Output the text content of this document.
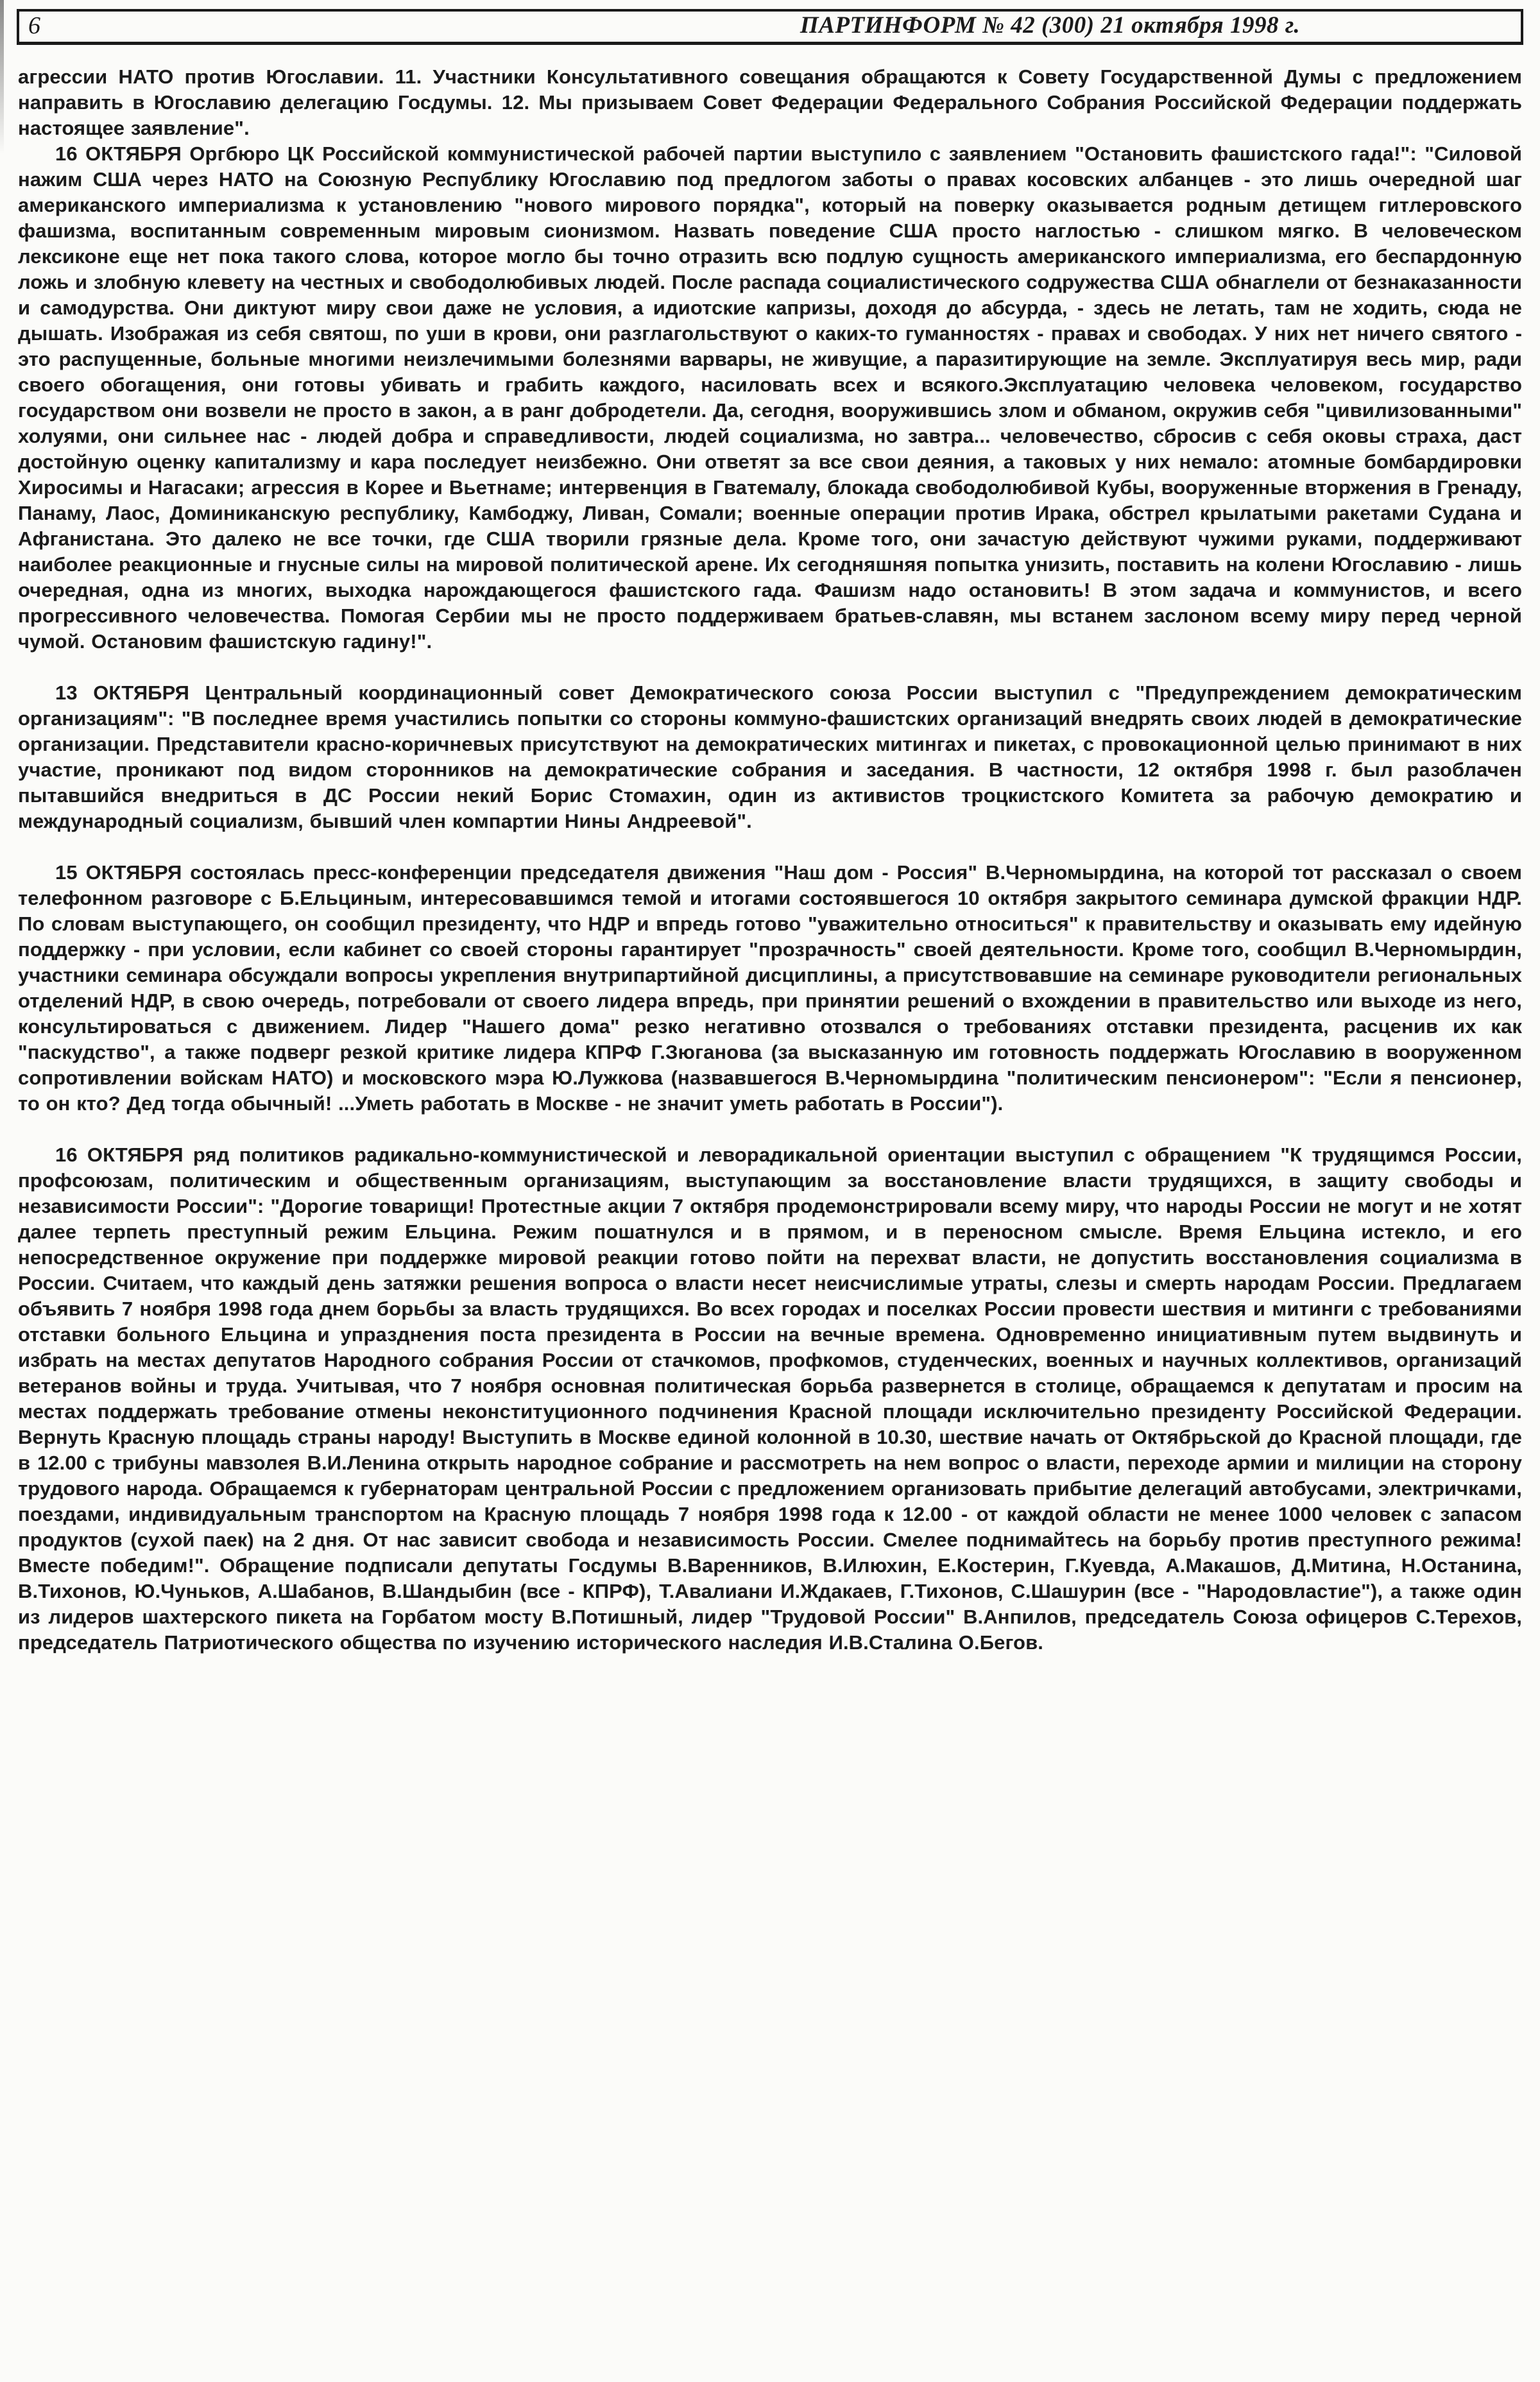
6	ПАРТИНФОРМ № 42 (300) 21 октября 1998 г.

агрессии НАТО против Югославии. 11. Участники Консультативного совещания обращаются к Совету Государственной Думы с предложением направить в Югославию делегацию Госдумы. 12. Мы призываем Совет Федерации Федерального Собрания Российской Федерации поддержать настоящее заявление".

16 ОКТЯБРЯ Оргбюро ЦК Российской коммунистической рабочей партии выступило с заявлением "Остановить фашистского гада!": "Силовой нажим США через НАТО на Союзную Республику Югославию под предлогом заботы о правах косовских албанцев - это лишь очередной шаг американского империализма к установлению "нового мирового порядка", который на поверку оказывается родным детищем гитлеровского фашизма, воспитанным современным мировым сионизмом. Назвать поведение США просто наглостью - слишком мягко. В человеческом лексиконе еще нет пока такого слова, которое могло бы точно отразить всю подлую сущность американского империализма, его беспардонную ложь и злобную клевету на честных и свободолюбивых людей. После распада социалистического содружества США обнаглели от безнаказанности и самодурства. Они диктуют миру свои даже не условия, а идиотские капризы, доходя до абсурда, - здесь не летать, там не ходить, сюда не дышать. Изображая из себя святош, по уши в крови, они разглагольствуют о каких-то гуманностях - правах и свободах. У них нет ничего святого - это распущенные, больные многими неизлечимыми болезнями варвары, не живущие, а паразитирующие на земле. Эксплуатируя весь мир, ради своего обогащения, они готовы убивать и грабить каждого, насиловать всех и всякого.Эксплуатацию человека человеком, государство государством они возвели не просто в закон, а в ранг добродетели. Да, сегодня, вооружившись злом и обманом, окружив себя "цивилизованными" холуями, они сильнее нас - людей добра и справедливости, людей социализма, но завтра... человечество, сбросив с себя оковы страха, даст достойную оценку капитализму и кара последует неизбежно. Они ответят за все свои деяния, а таковых у них немало: атомные бомбардировки Хиросимы и Нагасаки; агрессия в Корее и Вьетнаме; интервенция в Гватемалу, блокада свободолюбивой Кубы, вооруженные вторжения в Гренаду, Панаму, Лаос, Доминиканскую республику, Камбоджу, Ливан, Сомали; военные операции против Ирака, обстрел крылатыми ракетами Судана и Афганистана. Это далеко не все точки, где США творили грязные дела. Кроме того, они зачастую действуют чужими руками, поддерживают наиболее реакционные и гнусные силы на мировой политической арене. Их сегодняшняя попытка унизить, поставить на колени Югославию - лишь очередная, одна из многих, выходка нарождающегося фашистского гада. Фашизм надо остановить! В этом задача и коммунистов, и всего прогрессивного человечества. Помогая Сербии мы не просто поддерживаем братьев-славян, мы встанем заслоном всему миру перед черной чумой. Остановим фашистскую гадину!".

13 ОКТЯБРЯ Центральный координационный совет Демократического союза России выступил с "Предупреждением демократическим организациям": "В последнее время участились попытки со стороны коммуно-фашистских организаций внедрять своих людей в демократические организации. Представители красно-коричневых присутствуют на демократических митингах и пикетах, с провокационной целью принимают в них участие, проникают под видом сторонников на демократические собрания и заседания. В частности, 12 октября 1998 г. был разоблачен пытавшийся внедриться в ДС России некий Борис Стомахин, один из активистов троцкистского Комитета за рабочую демократию и международный социализм, бывший член компартии Нины Андреевой".

15 ОКТЯБРЯ состоялась пресс-конференции председателя движения "Наш дом - Россия" В.Черномырдина, на которой тот рассказал о своем телефонном разговоре с Б.Ельциным, интересовавшимся темой и итогами состоявшегося 10 октября закрытого семинара думской фракции НДР. По словам выступающего, он сообщил президенту, что НДР и впредь готово "уважительно относиться" к правительству и оказывать ему идейную поддержку - при условии, если кабинет со своей стороны гарантирует "прозрачность" своей деятельности. Кроме того, сообщил В.Черномырдин, участники семинара обсуждали вопросы укрепления внутрипартийной дисциплины, а присутствовавшие на семинаре руководители региональных отделений НДР, в свою очередь, потребовали от своего лидера впредь, при принятии решений о вхождении в правительство или выходе из него, консультироваться с движением. Лидер "Нашего дома" резко негативно отозвался о требованиях отставки президента, расценив их как "паскудство", а также подверг резкой критике лидера КПРФ Г.Зюганова (за высказанную им готовность поддержать Югославию в вооруженном сопротивлении войскам НАТО) и московского мэра Ю.Лужкова (назвавшегося В.Черномырдина "политическим пенсионером": "Если я пенсионер, то он кто? Дед тогда обычный! ...Уметь работать в Москве - не значит уметь работать в России").

16 ОКТЯБРЯ ряд политиков радикально-коммунистической и леворадикальной ориентации выступил с обращением "К трудящимся России, профсоюзам, политическим и общественным организациям, выступающим за восстановление власти трудящихся, в защиту свободы и независимости России": "Дорогие товарищи! Протестные акции 7 октября продемонстрировали всему миру, что народы России не могут и не хотят далее терпеть преступный режим Ельцина. Режим пошатнулся и в прямом, и в переносном смысле. Время Ельцина истекло, и его непосредственное окружение при поддержке мировой реакции готово пойти на перехват власти, не допустить восстановления социализма в России. Считаем, что каждый день затяжки решения вопроса о власти несет неисчислимые утраты, слезы и смерть народам России. Предлагаем объявить 7 ноября 1998 года днем борьбы за власть трудящихся. Во всех городах и поселках России провести шествия и митинги с требованиями отставки больного Ельцина и упразднения поста президента в России на вечные времена. Одновременно инициативным путем выдвинуть и избрать на местах депутатов Народного собрания России от стачкомов, профкомов, студенческих, военных и научных коллективов, организаций ветеранов войны и труда. Учитывая, что 7 ноября основная политическая борьба развернется в столице, обращаемся к депутатам и просим на местах поддержать требование отмены неконституционного подчинения Красной площади исключительно президенту Российской Федерации. Вернуть Красную площадь страны народу! Выступить в Москве единой колонной в 10.30, шествие начать от Октябрьской до Красной площади, где в 12.00 с трибуны мавзолея В.И.Ленина открыть народное собрание и рассмотреть на нем вопрос о власти, переходе армии и милиции на сторону трудового народа. Обращаемся к губернаторам центральной России с предложением организовать прибытие делегаций автобусами, электричками, поездами, индивидуальным транспортом на Красную площадь 7 ноября 1998 года к 12.00 - от каждой области не менее 1000 человек с запасом продуктов (сухой паек) на 2 дня. От нас зависит свобода и независимость России. Смелее поднимайтесь на борьбу против преступного режима! Вместе победим!". Обращение подписали депутаты Госдумы В.Варенников, В.Илюхин, Е.Костерин, Г.Куевда, А.Макашов, Д.Митина, Н.Останина, В.Тихонов, Ю.Чуньков, А.Шабанов, В.Шандыбин (все - КПРФ), Т.Авалиани И.Ждакаев, Г.Тихонов, С.Шашурин (все - "Народовластие"), а также один из лидеров шахтерского пикета на Горбатом мосту В.Потишный, лидер "Трудовой России" В.Анпилов, председатель Союза офицеров С.Терехов, председатель Патриотического общества по изучению исторического наследия И.В.Сталина О.Бегов.
